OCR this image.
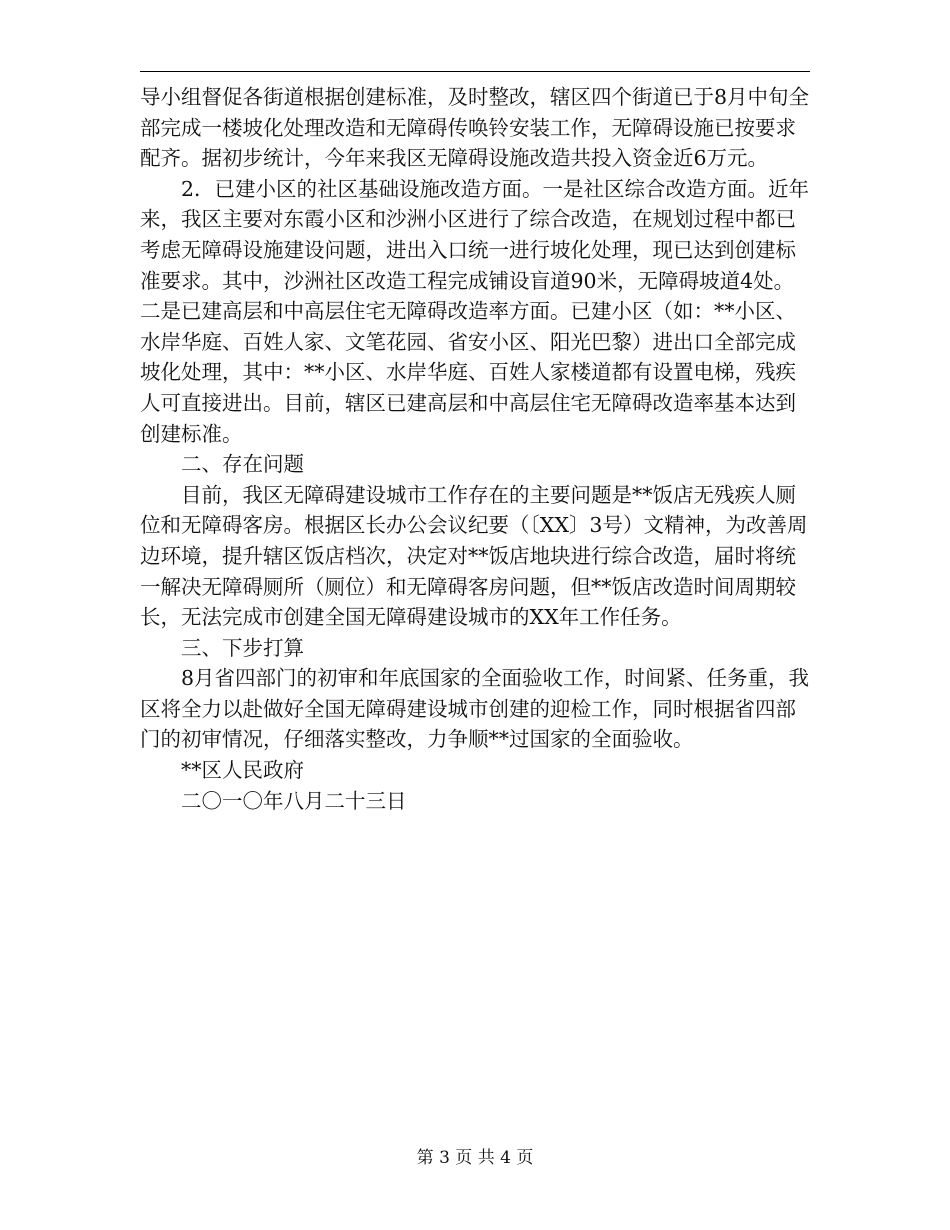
导小组督促各街道根据创建标准，及时整改，辖区四个街道已于8月中旬全部完成一楼坡化处理改造和无障碍传唤铃安装工作，无障碍设施已按要求配齐。据初步统计，今年来我区无障碍设施改造共投入资金近6万元。

2．已建小区的社区基础设施改造方面。一是社区综合改造方面。近年来，我区主要对东霞小区和沙洲小区进行了综合改造，在规划过程中都已考虑无障碍设施建设问题，进出入口统一进行坡化处理，现已达到创建标准要求。其中，沙洲社区改造工程完成铺设盲道90米，无障碍坡道4处。二是已建高层和中高层住宅无障碍改造率方面。已建小区（如：**小区、水岸华庭、百姓人家、文笔花园、省安小区、阳光巴黎）进出口全部完成坡化处理，其中：**小区、水岸华庭、百姓人家楼道都有设置电梯，残疾人可直接进出。目前，辖区已建高层和中高层住宅无障碍改造率基本达到创建标准。

二、存在问题

目前，我区无障碍建设城市工作存在的主要问题是**饭店无残疾人厕位和无障碍客房。根据区长办公会议纪要（〔XX〕3号）文精神，为改善周边环境，提升辖区饭店档次，决定对**饭店地块进行综合改造，届时将统一解决无障碍厕所（厕位）和无障碍客房问题，但**饭店改造时间周期较长，无法完成市创建全国无障碍建设城市的XX年工作任务。

三、下步打算

8月省四部门的初审和年底国家的全面验收工作，时间紧、任务重，我区将全力以赴做好全国无障碍建设城市创建的迎检工作，同时根据省四部门的初审情况，仔细落实整改，力争顺**过国家的全面验收。

**区人民政府

二〇一〇年八月二十三日

第 3 页 共 4 页
